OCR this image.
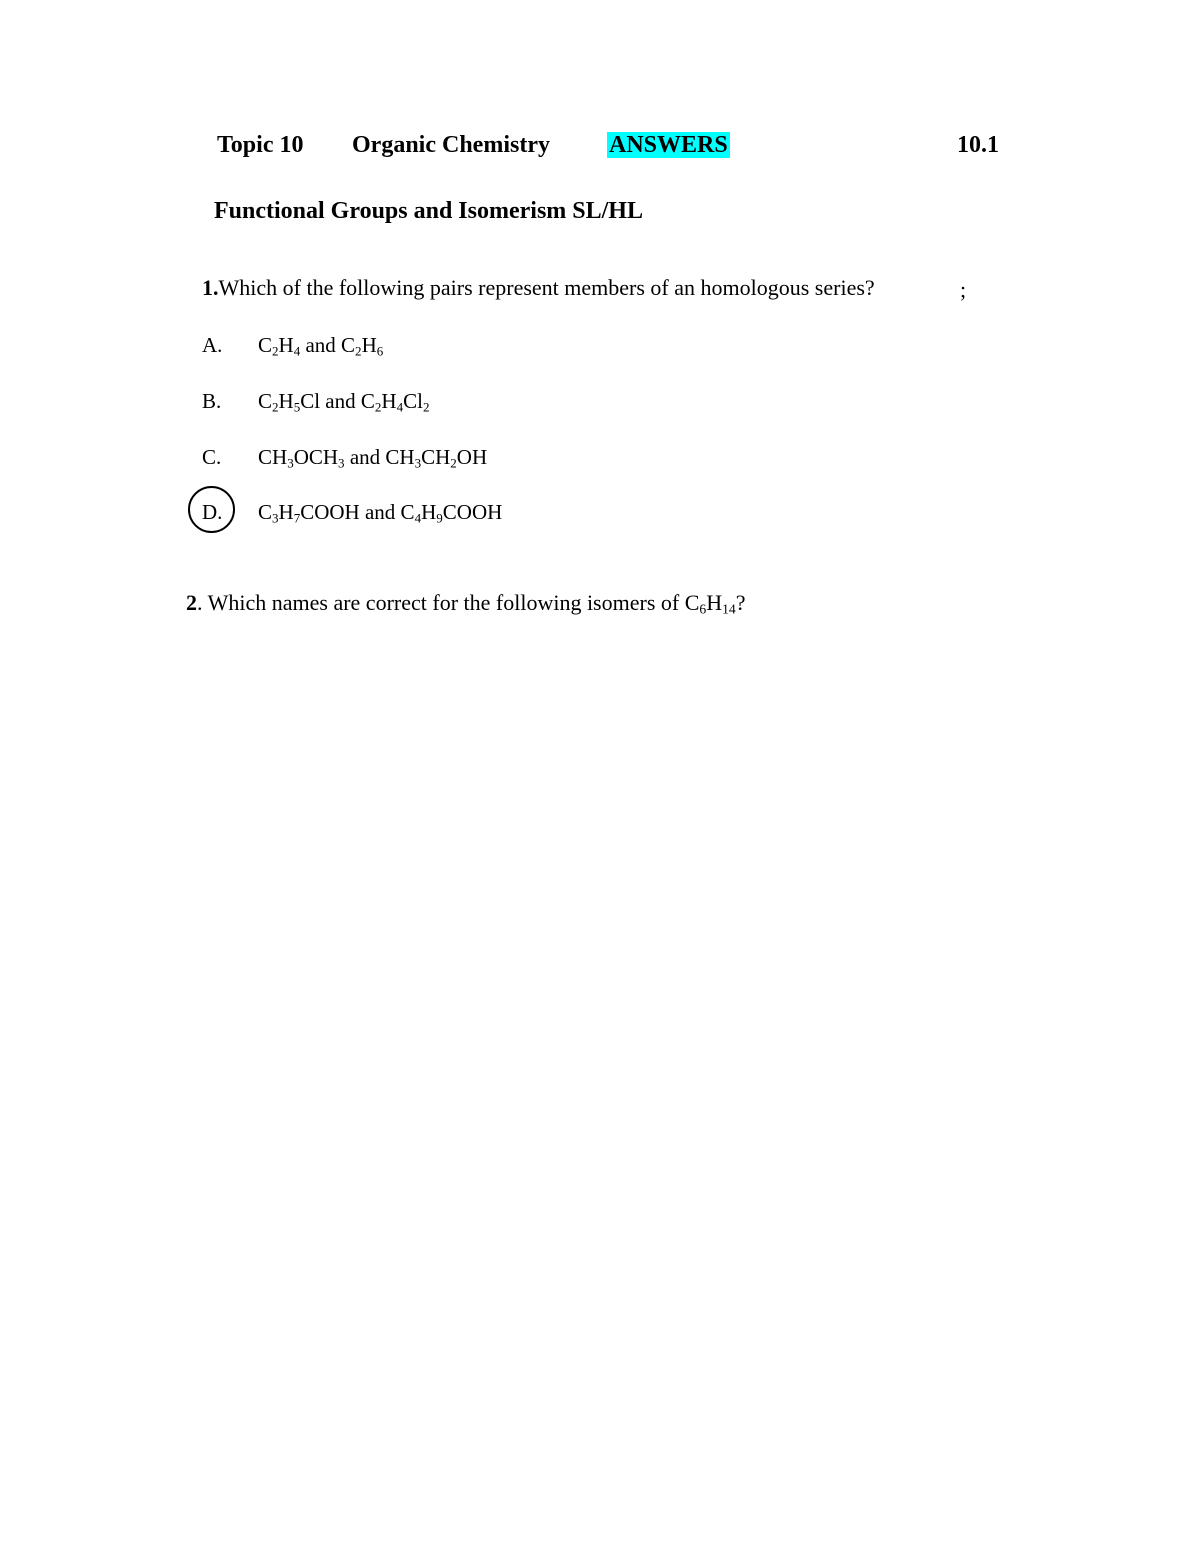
Topic 10 Organic Chemistry ANSWERS	10.1
Functional Groups and Isomerism SL/HL
1.Which of the following pairs represent members of an homologous series?	;
A. $C_2H_4$ and $C_2H_6$
B. $C_2H_5Cl$ and $C_2H_4Cl_2$
C. $CH_3OCH_3$ and $CH_3CH_2OH$
D. $C_3H_7COOH$ and $C_4H_9COOH$
2. Which names are correct for the following isomers of $C_6H_{14}$?
